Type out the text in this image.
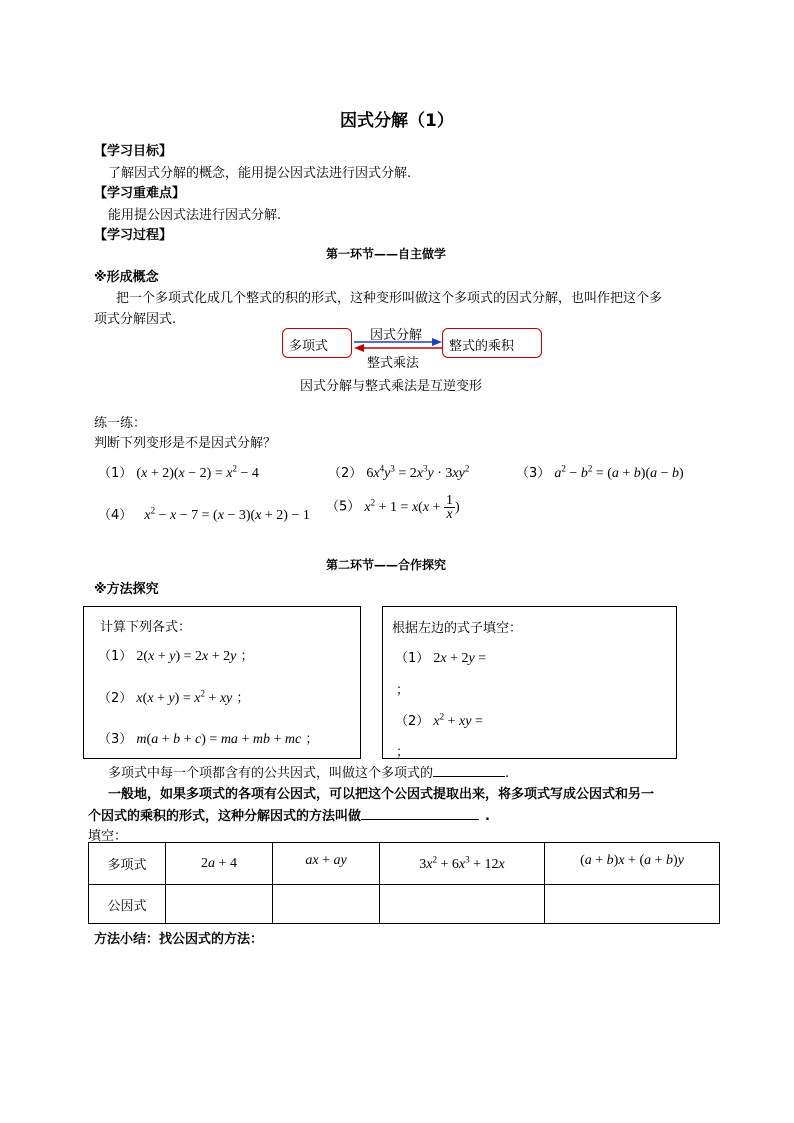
因式分解（1）
【学习目标】
了解因式分解的概念，能用提公因式法进行因式分解.
【学习重难点】
能用提公因式法进行因式分解.
【学习过程】
第一环节——自主做学
※形成概念
把一个多项式化成几个整式的积的形式，这种变形叫做这个多项式的因式分解，也叫作把这个多
项式分解因式.
多项式	整式的乘积
因式分解
整式乘法
因式分解与整式乘法是互逆变形
练一练：
判断下列变形是不是因式分解？
（1） $(x + 2)(x - 2) = x^2 - 4$	（2） $6x^4y^3 = 2x^3y \cdot 3xy^2$	（3） $a^2 - b^2 = (a + b)(a - b)$
（4） $x^2 - x - 7 = (x - 3)(x + 2) - 1$
（5） $x^2 + 1 = x(x + \frac{1}{x}$ )
第二环节——合作探究
※方法探究
计算下列各式：
（1） 2(x + y) = 2x + 2y ；
（2） $x(x + y) = x^2$ + xy ；
（3） m(a + b + c) = ma + mb + mc ；
根据左边的式子填空：
（1） 2x + 2y =
；
（2） $x^2$ + xy =
；
多项式中每一个项都含有的公共因式，叫做这个多项式的	.
一般地，如果多项式的各项有公因式，可以把这个公因式提取出来，将多项式写成公因式和另一
个因式的乘积的形式，这种分解因式的方法叫做	.
填空：
多项式	2a + 4	ax + ay	$3x^2 + 6x^3 + 12x$	(a + b)x + (a + b)y
公因式				
方法小结：找公因式的方法：
